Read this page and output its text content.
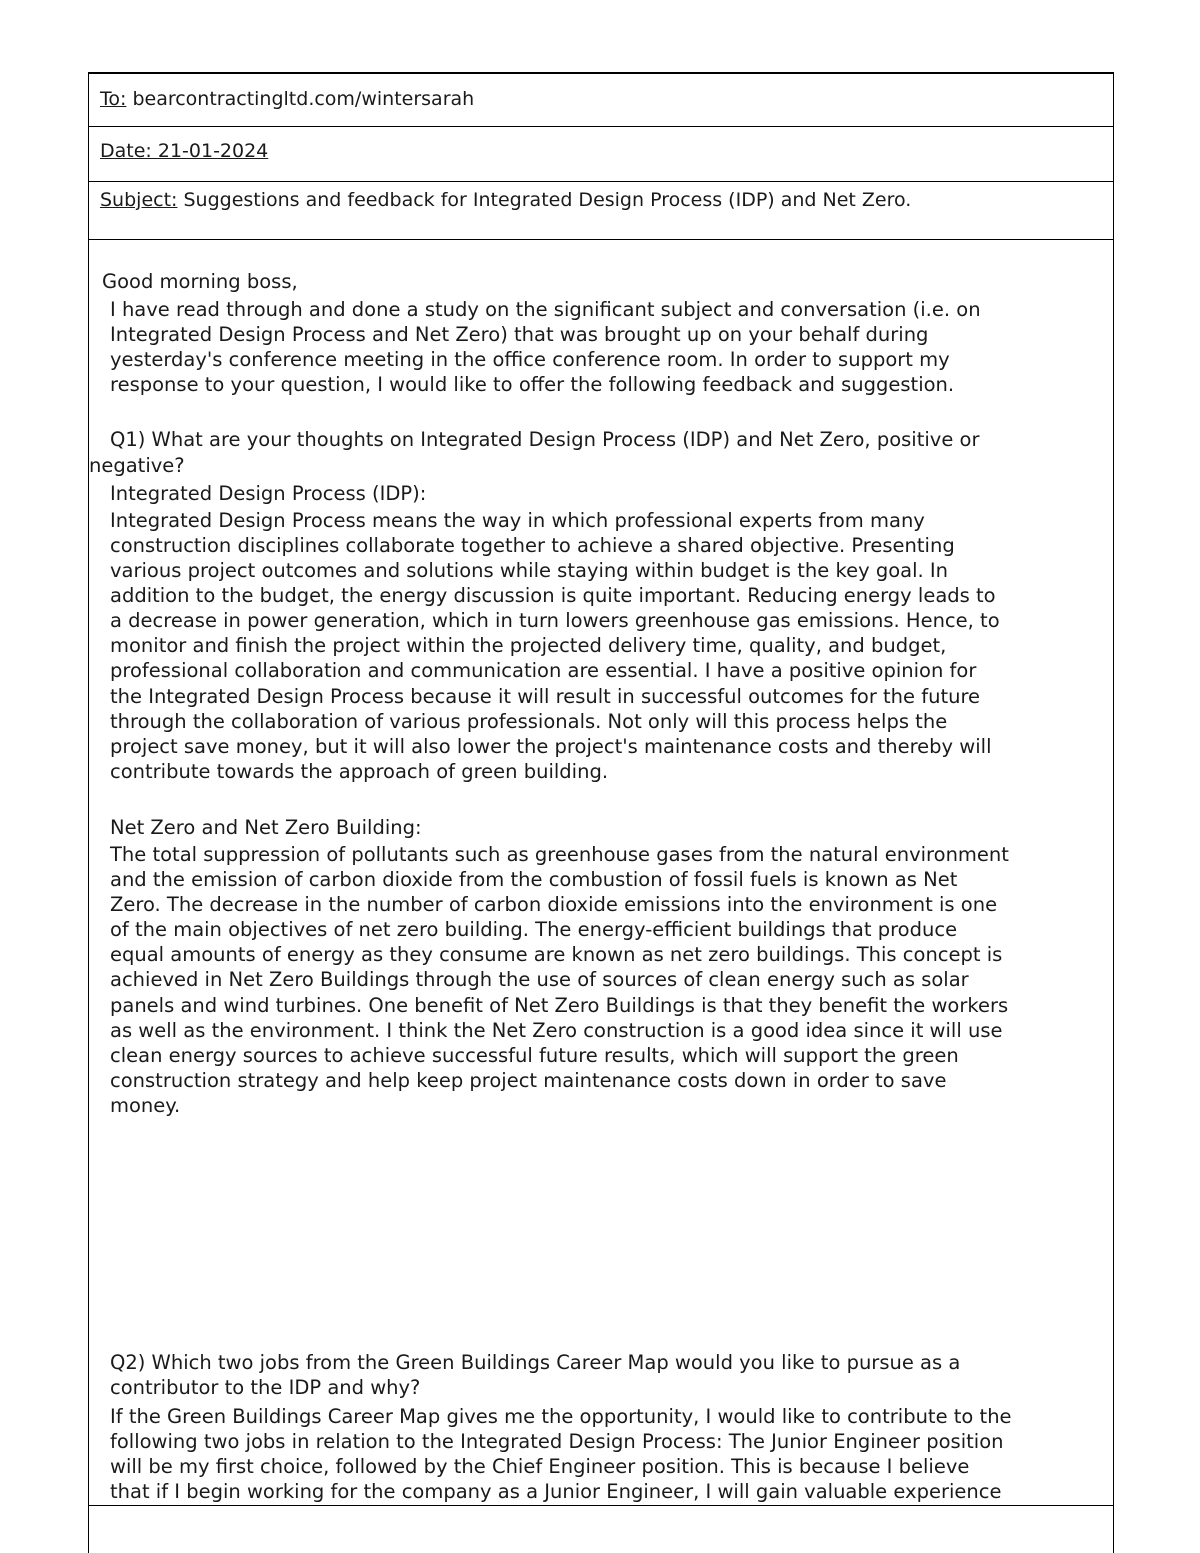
To: bearcontractingltd.com/wintersarah
Date: 21-01-2024
Subject: Suggestions and feedback for Integrated Design Process (IDP) and Net Zero.
Good morning boss,
I have read through and done a study on the significant subject and conversation (i.e. on
Integrated Design Process and Net Zero) that was brought up on your behalf during
yesterday's conference meeting in the office conference room. In order to support my
response to your question, I would like to offer the following feedback and suggestion.
Q1) What are your thoughts on Integrated Design Process (IDP) and Net Zero, positive or
negative?
Integrated Design Process (IDP):
Integrated Design Process means the way in which professional experts from many
construction disciplines collaborate together to achieve a shared objective. Presenting
various project outcomes and solutions while staying within budget is the key goal. In
addition to the budget, the energy discussion is quite important. Reducing energy leads to
a decrease in power generation, which in turn lowers greenhouse gas emissions. Hence, to
monitor and finish the project within the projected delivery time, quality, and budget,
professional collaboration and communication are essential. I have a positive opinion for
the Integrated Design Process because it will result in successful outcomes for the future
through the collaboration of various professionals. Not only will this process helps the
project save money, but it will also lower the project's maintenance costs and thereby will
contribute towards the approach of green building.
Net Zero and Net Zero Building:
The total suppression of pollutants such as greenhouse gases from the natural environment
and the emission of carbon dioxide from the combustion of fossil fuels is known as Net
Zero. The decrease in the number of carbon dioxide emissions into the environment is one
of the main objectives of net zero building. The energy-efficient buildings that produce
equal amounts of energy as they consume are known as net zero buildings. This concept is
achieved in Net Zero Buildings through the use of sources of clean energy such as solar
panels and wind turbines. One benefit of Net Zero Buildings is that they benefit the workers
as well as the environment. I think the Net Zero construction is a good idea since it will use
clean energy sources to achieve successful future results, which will support the green
construction strategy and help keep project maintenance costs down in order to save
money.
Q2) Which two jobs from the Green Buildings Career Map would you like to pursue as a
contributor to the IDP and why?
If the Green Buildings Career Map gives me the opportunity, I would like to contribute to the
following two jobs in relation to the Integrated Design Process: The Junior Engineer position
will be my first choice, followed by the Chief Engineer position. This is because I believe
that if I begin working for the company as a Junior Engineer, I will gain valuable experience
